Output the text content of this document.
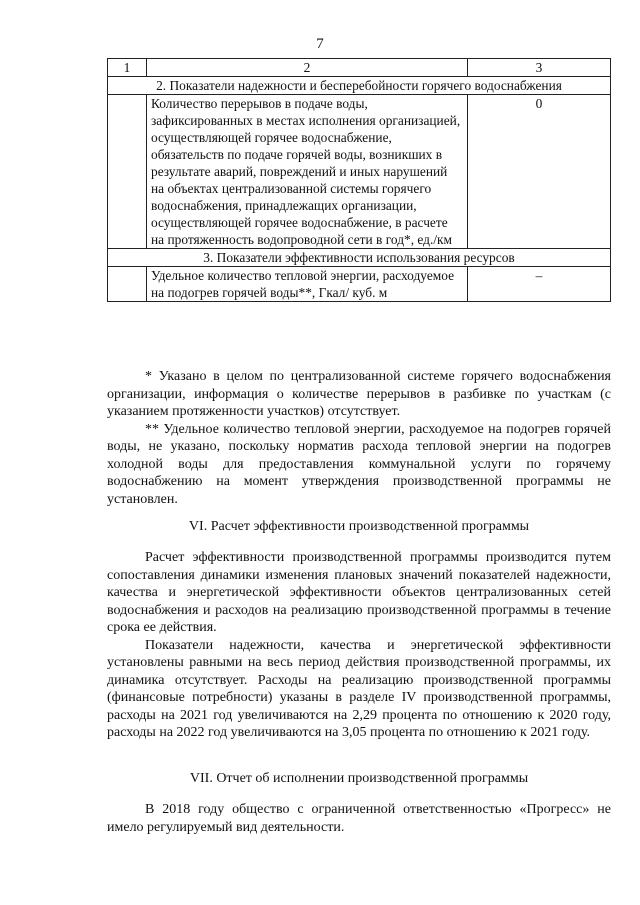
7
1	2	3
2. Показатели надежности и бесперебойности горячего водоснабжения		
	Количество перерывов в подаче воды, зафиксированных в местах исполнения организацией, осуществляющей горячее водоснабжение, обязательств по подаче горячей воды, возникших в результате аварий, повреждений и иных нарушений на объектах централизованной системы горячего водоснабжения, принадлежащих организации, осуществляющей горячее водоснабжение, в расчете на протяженность водопроводной сети в год*, ед./км	0
3. Показатели эффективности использования ресурсов		
	Удельное количество тепловой энергии, расходуемое на подогрев горячей воды**, Гкал/ куб. м	–

* Указано в целом по централизованной системе горячего водоснабжения организации, информация о количестве перерывов в разбивке по участкам (с указанием протяженности участков) отсутствует.

** Удельное количество тепловой энергии, расходуемое на подогрев горячей воды, не указано, поскольку норматив расхода тепловой энергии на подогрев холодной воды для предоставления коммунальной услуги по горячему водоснабжению на момент утверждения производственной программы не установлен.

VI. Расчет эффективности производственной программы

Расчет эффективности производственной программы производится путем сопоставления динамики изменения плановых значений показателей надежности, качества и энергетической эффективности объектов централизованных сетей водоснабжения и расходов на реализацию производственной программы в течение срока ее действия.

Показатели надежности, качества и энергетической эффективности установлены равными на весь период действия производственной программы, их динамика отсутствует. Расходы на реализацию производственной программы (финансовые потребности) указаны в разделе IV производственной программы, расходы на 2021 год увеличиваются на 2,29 процента по отношению к 2020 году, расходы на 2022 год увеличиваются на 3,05 процента по отношению к 2021 году.

VII. Отчет об исполнении производственной программы

В 2018 году общество с ограниченной ответственностью «Прогресс» не имело регулируемый вид деятельности.
